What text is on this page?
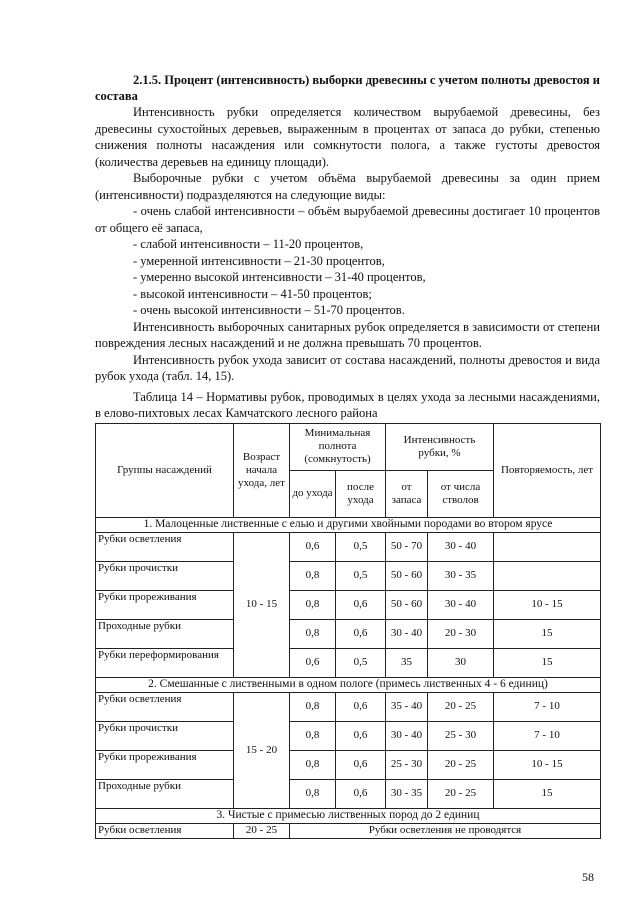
2.1.5. Процент (интенсивность) выборки древесины с учетом полноты древостоя и состава

Интенсивность рубки определяется количеством вырубаемой древесины, без древесины сухостойных деревьев, выраженным в процентах от запаса до рубки, степенью снижения полноты насаждения или сомкнутости полога, а также густоты древостоя (количества деревьев на единицу площади).

Выборочные рубки с учетом объёма вырубаемой древесины за один прием (интенсивности) подразделяются на следующие виды:

- очень слабой интенсивности – объём вырубаемой древесины достигает 10 процентов от общего её запаса,

- слабой интенсивности – 11-20 процентов,

- умеренной интенсивности – 21-30 процентов,

- умеренно высокой интенсивности – 31-40 процентов,

- высокой интенсивности – 41-50 процентов;

- очень высокой интенсивности – 51-70 процентов.

Интенсивность выборочных санитарных рубок определяется в зависимости от степени повреждения лесных насаждений и не должна превышать 70 процентов.

Интенсивность рубок ухода зависит от состава насаждений, полноты древостоя и вида рубок ухода (табл. 14, 15).

Таблица 14 – Нормативы рубок, проводимых в целях ухода за лесными насаждениями, в елово-пихтовых лесах Камчатского лесного района

Группы насаждений	Возраст начала ухода, лет	Минимальная полнота (сомкнутость)		Интенсивность рубки, %		Повторяемость, лет
		до ухода	после ухода	от запаса	от числа стволов	
1. Малоценные лиственные с елью и другими хвойными породами во втором ярусе						
Рубки осветления	10 - 15	0,6	0,5	50 - 70	30 - 40	
Рубки прочистки		0,8	0,5	50 - 60	30 - 35	
Рубки прореживания		0,8	0,6	50 - 60	30 - 40	10 - 15
Проходные рубки		0,8	0,6	30 - 40	20 - 30	15
Рубки переформирования		0,6	0,5	35	30	15
2. Смешанные с лиственными в одном пологе (примесь лиственных 4 - 6 единиц)						
Рубки осветления	15 - 20	0,8	0,6	35 - 40	20 - 25	7 - 10
Рубки прочистки		0,8	0,6	30 - 40	25 - 30	7 - 10
Рубки прореживания		0,8	0,6	25 - 30	20 - 25	10 - 15
Проходные рубки		0,8	0,6	30 - 35	20 - 25	15
3. Чистые с примесью лиственных пород до 2 единиц						
Рубки осветления	20 - 25	Рубки осветления не проводятся				
58
